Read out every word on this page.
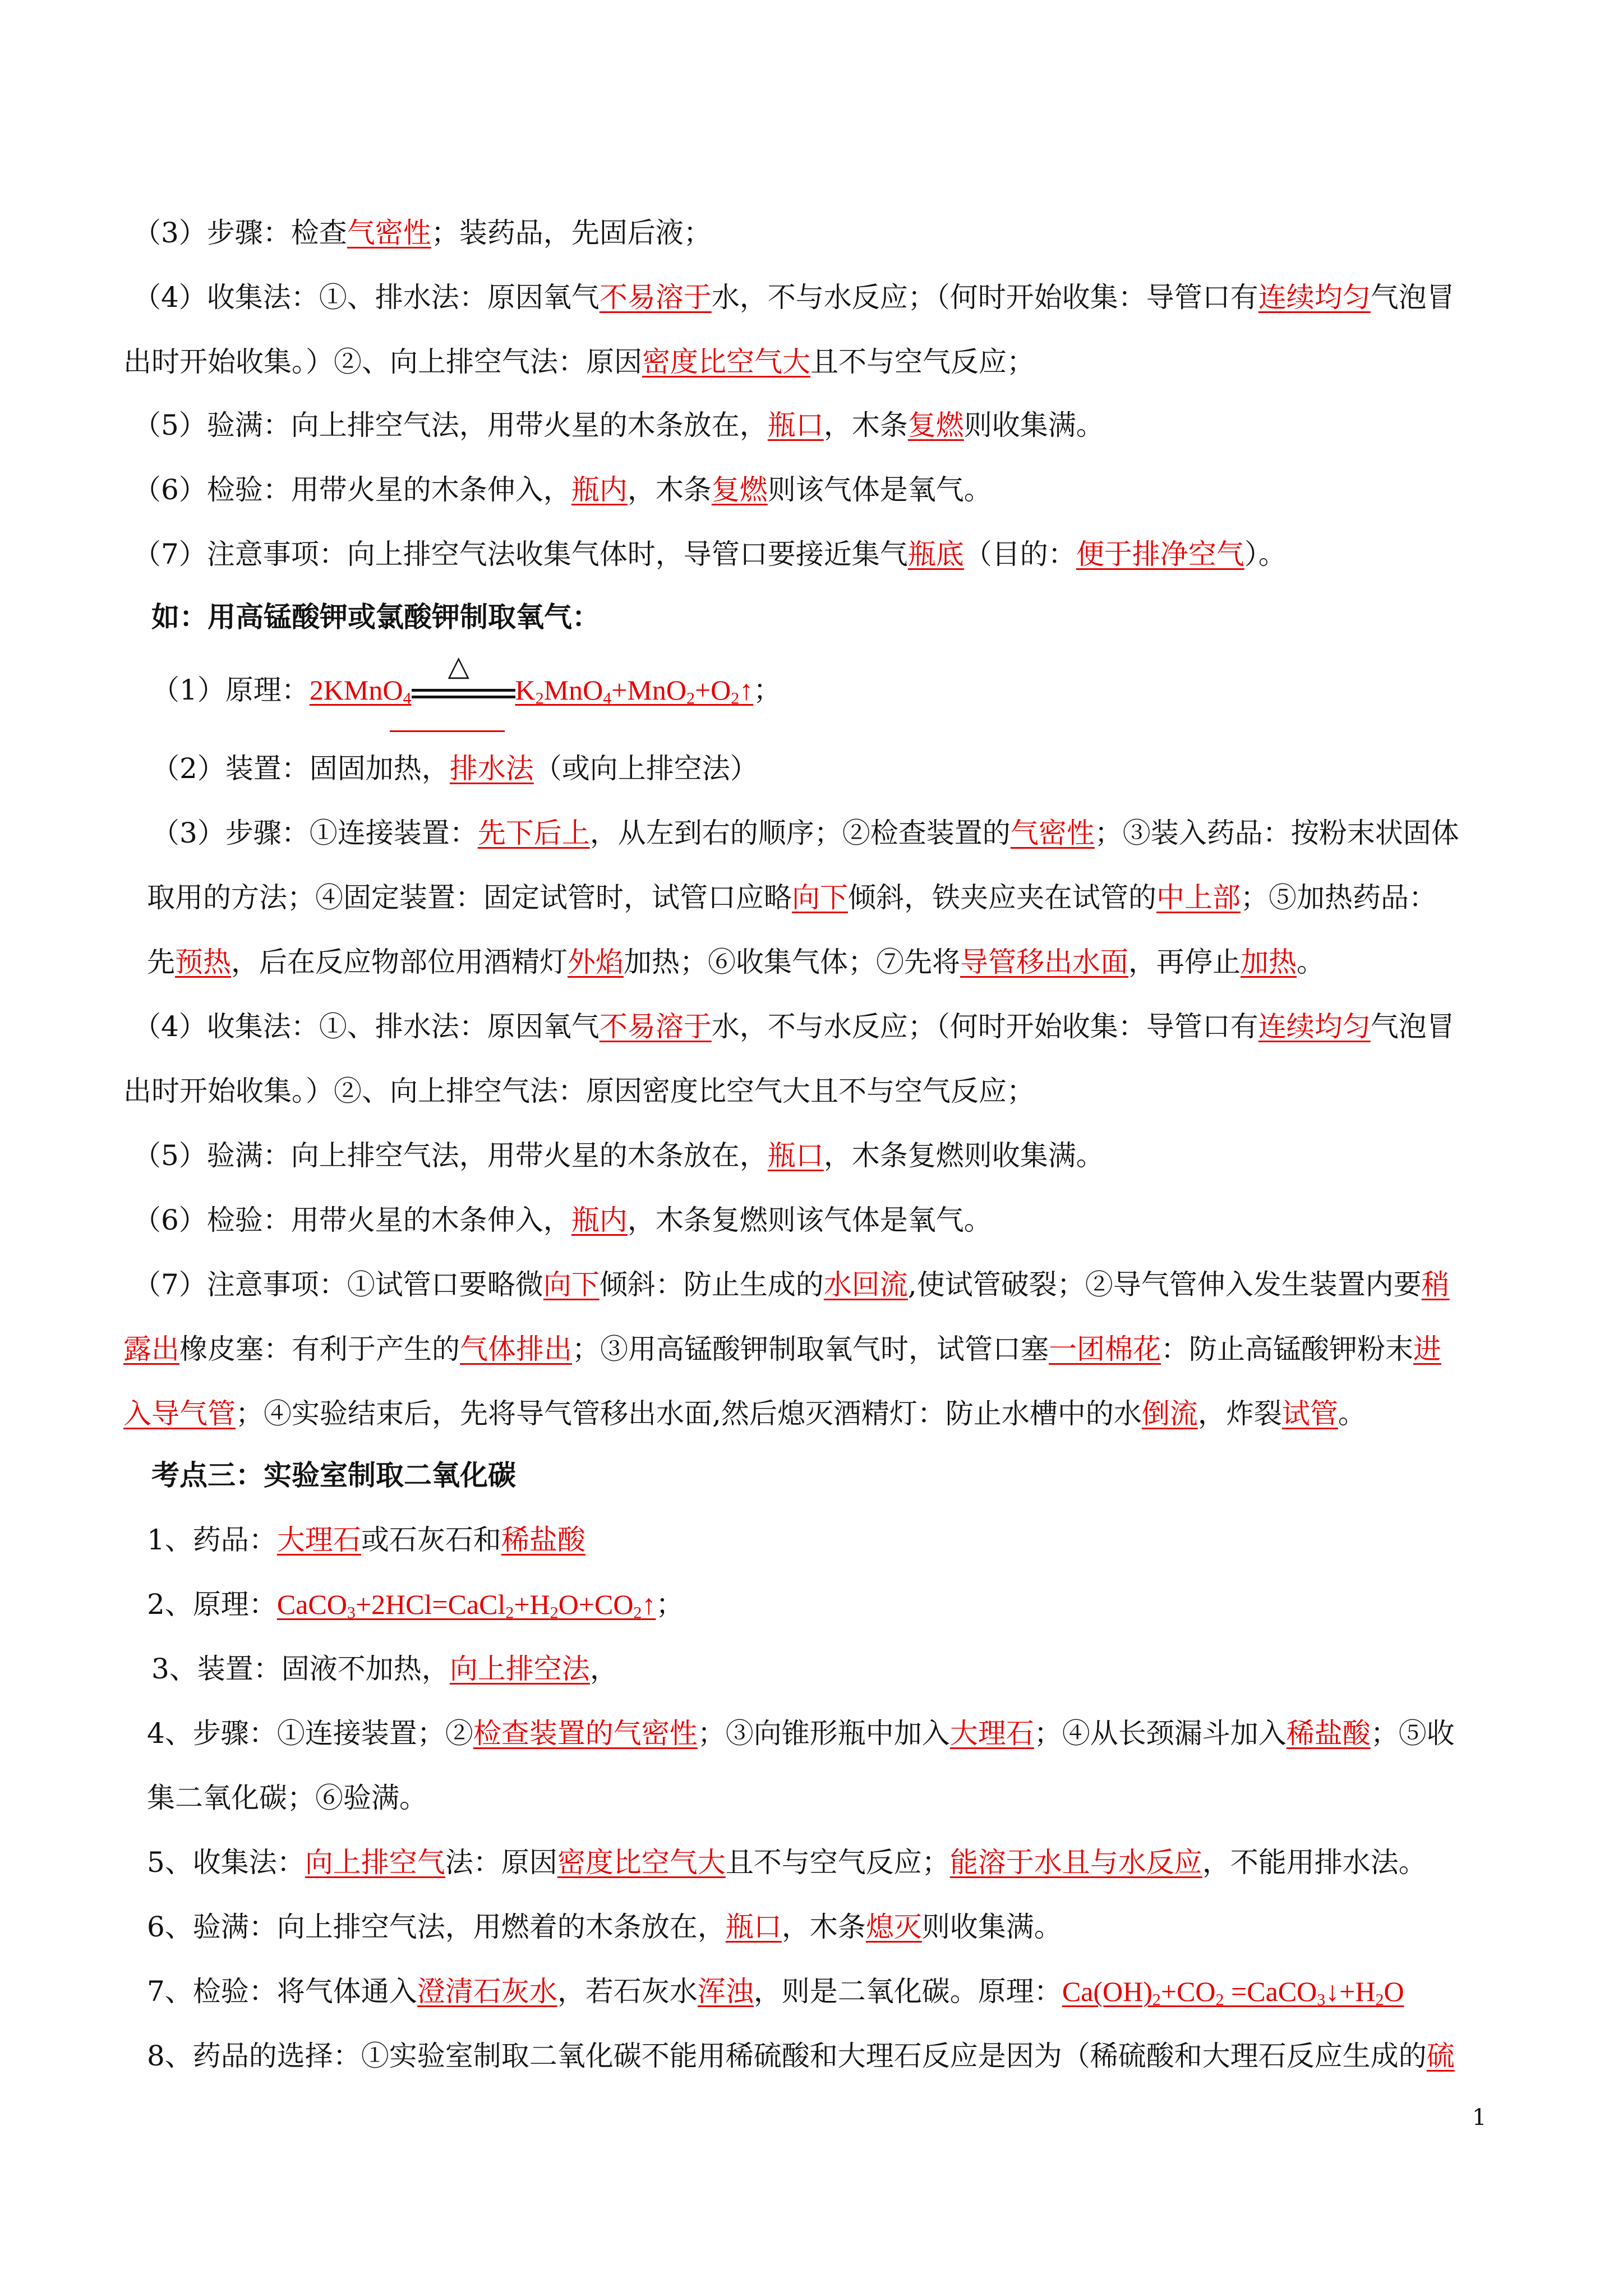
（3）步骤：检查气密性；装药品，先固后液；
（4）收集法：①、排水法：原因氧气不易溶于水，不与水反应；（何时开始收集：导管口有连续均匀气泡冒
出时开始收集。）②、向上排空气法：原因密度比空气大且不与空气反应；
（5）验满：向上排空气法，用带火星的木条放在，瓶口，木条复燃则收集满。
（6）检验：用带火星的木条伸入，瓶内，木条复燃则该气体是氧气。
（7）注意事项：向上排空气法收集气体时，导管口要接近集气瓶底（目的：便于排净空气）。
如：用高锰酸钾或氯酸钾制取氧气：
（1）原理：2KMnO$_4$
△
$K_2MnO_4+MnO_2+O_2↑$；
（2）装置：固固加热，排水法（或向上排空法）
（3）步骤：①连接装置：先下后上，从左到右的顺序；②检查装置的气密性；③装入药品：按粉末状固体
取用的方法；④固定装置：固定试管时，试管口应略向下倾斜，铁夹应夹在试管的中上部；⑤加热药品：
先预热，后在反应物部位用酒精灯外焰加热；⑥收集气体；⑦先将导管移出水面，再停止加热。
（4）收集法：①、排水法：原因氧气不易溶于水，不与水反应；（何时开始收集：导管口有连续均匀气泡冒
出时开始收集。）②、向上排空气法：原因密度比空气大且不与空气反应；
（5）验满：向上排空气法，用带火星的木条放在，瓶口，木条复燃则收集满。
（6）检验：用带火星的木条伸入，瓶内，木条复燃则该气体是氧气。
（7）注意事项：①试管口要略微向下倾斜：防止生成的水回流,使试管破裂；②导气管伸入发生装置内要稍
露出橡皮塞：有利于产生的气体排出；③用高锰酸钾制取氧气时，试管口塞一团棉花：防止高锰酸钾粉末进
入导气管；④实验结束后，先将导气管移出水面,然后熄灭酒精灯：防止水槽中的水倒流，炸裂试管。
考点三：实验室制取二氧化碳
1、药品：大理石或石灰石和稀盐酸
2、原理：$CaCO_3+2HCl=CaCl_2+H_2O+CO_2↑$；
3、装置：固液不加热，向上排空法，
4、步骤：①连接装置；②检查装置的气密性；③向锥形瓶中加入大理石；④从长颈漏斗加入稀盐酸；⑤收
集二氧化碳；⑥验满。
5、收集法：向上排空气法：原因密度比空气大且不与空气反应；能溶于水且与水反应，不能用排水法。
6、验满：向上排空气法，用燃着的木条放在，瓶口，木条熄灭则收集满。
7、检验：将气体通入澄清石灰水，若石灰水浑浊，则是二氧化碳。原理：$Ca(OH)_2+CO_2$ $=CaCO_3↓+H_2O$
8、药品的选择：①实验室制取二氧化碳不能用稀硫酸和大理石反应是因为（稀硫酸和大理石反应生成的硫
1
